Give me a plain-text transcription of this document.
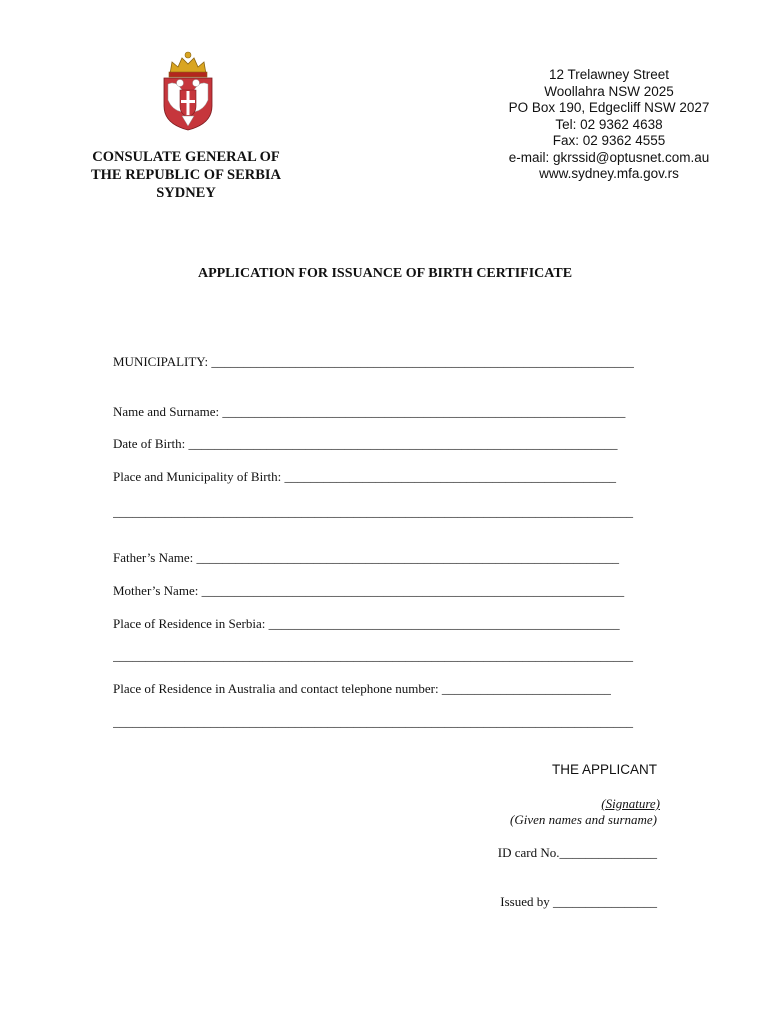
CONSULATE GENERAL OF
THE REPUBLIC OF SERBIA
SYDNEY
12 Trelawney Street
Woollahra NSW 2025
PO Box 190, Edgecliff NSW 2027
Tel: 02 9362 4638
Fax: 02 9362 4555
e-mail: gkrssid@optusnet.com.au
www.sydney.mfa.gov.rs
APPLICATION FOR ISSUANCE OF BIRTH CERTIFICATE
MUNICIPALITY: _________________________________________________________________
Name and Surname: ______________________________________________________________
Date of Birth: __________________________________________________________________
Place and Municipality of Birth: ___________________________________________________
________________________________________________________________________________
Father’s Name: _________________________________________________________________
Mother’s Name: _________________________________________________________________
Place of Residence in Serbia: ______________________________________________________
________________________________________________________________________________
Place of Residence in Australia and contact telephone number: __________________________
________________________________________________________________________________
THE APPLICANT
(Signature)
(Given names and surname)
ID card No._______________
Issued by ________________
